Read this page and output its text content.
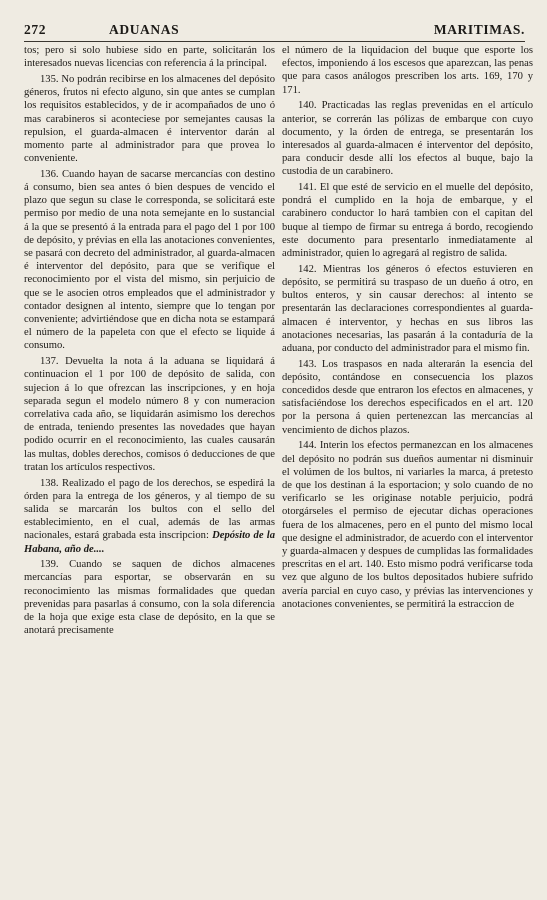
272	ADUANAS	MARITIMAS.

tos; pero si solo hubiese sido en parte, solicitarán los interesados nuevas licencias con referencia á la principal.

135. No podrán recibirse en los almacenes del depósito géneros, frutos ni efecto alguno, sin que antes se cumplan los requisitos establecidos, y de ir acompañados de uno ó mas carabineros si aconteciese por semejantes causas la repulsion, el guarda-almacen é interventor darán al momento parte al administrador para que provea lo conveniente.

136. Cuando hayan de sacarse mercancías con destino á consumo, bien sea antes ó bien despues de vencido el plazo que segun su clase le corresponda, se solicitará este permiso por medio de una nota semejante en lo sustancial á la que se presentó á la entrada para el pago del 1 por 100 de depósito, y prévias en ella las anotaciones convenientes, se pasará con decreto del administrador, al guarda-almacen é interventor del depósito, para que se verifique el reconocimiento por el vista del mismo, sin perjuicio de que se le asocien otros empleados que el administrador y contador designen al intento, siempre que lo tengan por conveniente; advirtiéndose que en dicha nota se estampará el número de la papeleta con que el efecto se liquide á consumo.

137. Devuelta la nota á la aduana se liquidará á continuacion el 1 por 100 de depósito de salida, con sujecion á lo que ofrezcan las inscripciones, y en hoja separada segun el modelo número 8 y con numeracion correlativa cada año, se liquidarán asimismo los derechos de entrada, teniendo presentes las novedades que hayan podido ocurrir en el reconocimiento, las cuales causarán las multas, dobles derechos, comisos ó deducciones de que tratan los artículos respectivos.

138. Realizado el pago de los derechos, se espedirá la órden para la entrega de los géneros, y al tiempo de su salida se marcarán los bultos con el sello del establecimiento, en el cual, además de las armas nacionales, estará grabada esta inscripcion: Depósito de la Habana, año de....

139. Cuando se saquen de dichos almacenes mercancías para esportar, se observarán en su reconocimiento las mismas formalidades que quedan prevenidas para pasarlas á consumo, con la sola diferencia de la hoja que exige esta clase de depósito, en la que se anotará precisamente

el número de la liquidacion del buque que esporte los efectos, imponiendo á los escesos que aparezcan, las penas que para casos análogos prescriben los arts. 169, 170 y 171.

140. Practicadas las reglas prevenidas en el artículo anterior, se correrán las pólizas de embarque con cuyo documento, y la órden de entrega, se presentarán los interesados al guarda-almacen é interventor del depósito, para conducir desde allí los efectos al buque, bajo la custodia de un carabinero.

141. El que esté de servicio en el muelle del depósito, pondrá el cumplido en la hoja de embarque, y el carabinero conductor lo hará tambien con el capitan del buque al tiempo de firmar su entrega á bordo, recogiendo este documento para presentarlo inmediatamente al administrador, quien lo agregará al registro de salida.

142. Mientras los géneros ó efectos estuvieren en depósito, se permitirá su traspaso de un dueño á otro, en bultos enteros, y sin causar derechos: al intento se presentarán las declaraciones correspondientes al guarda-almacen é interventor, y hechas en sus libros las anotaciones necesarias, las pasarán á la contaduría de la aduana, por conducto del administrador para el mismo fin.

143. Los traspasos en nada alterarán la esencia del depósito, contándose en consecuencia los plazos concedidos desde que entraron los efectos en almacenes, y satisfaciéndose los derechos especificados en el art. 120 por la persona á quien pertenezcan las mercancías al vencimiento de dichos plazos.

144. Interin los efectos permanezcan en los almacenes del depósito no podrán sus dueños aumentar ni disminuir el volúmen de los bultos, ni variarles la marca, á pretesto de que los destinan á la esportacion; y solo cuando de no verificarlo se les originase notable perjuicio, podrá otorgárseles el permiso de ejecutar dichas operaciones fuera de los almacenes, pero en el punto del mismo local que designe el administrador, de acuerdo con el interventor y guarda-almacen y despues de cumplidas las formalidades prescritas en el art. 140. Esto mismo podrá verificarse toda vez que alguno de los bultos depositados hubiere sufrido avería parcial en cuyo caso, y prévias las intervenciones y anotaciones convenientes, se permitirá la estraccion de
